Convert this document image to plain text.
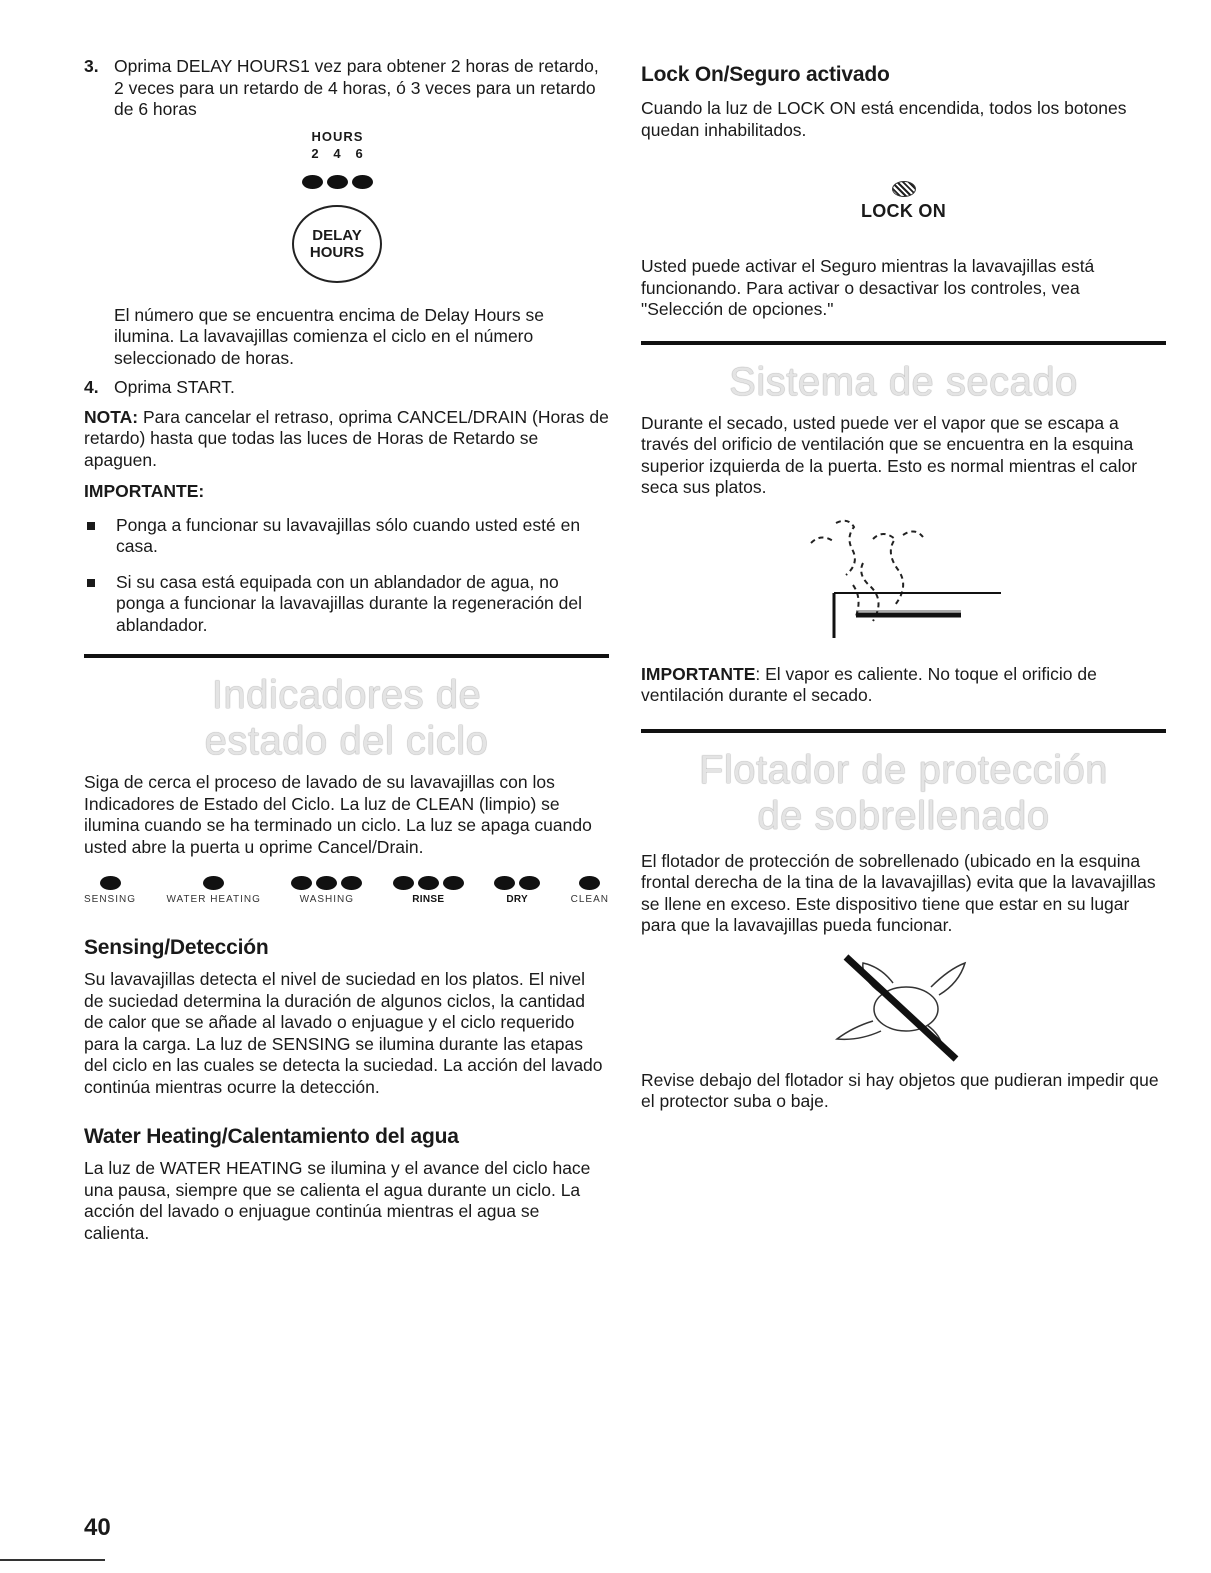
3. Oprima DELAY HOURS1 vez para obtener 2 horas de retardo, 2 veces para un retardo de 4 horas, ó 3 veces para un retardo de 6 horas

HOURS
2   4   6
DELAY
HOURS

El número que se encuentra encima de Delay Hours se ilumina. La lavavajillas comienza el ciclo en el número seleccionado de horas.

4. Oprima START.

NOTA: Para cancelar el retraso, oprima CANCEL/DRAIN (Horas de retardo) hasta que todas las luces de Horas de Retardo se apaguen.

IMPORTANTE:

Ponga a funcionar su lavavajillas sólo cuando usted esté en casa.
Si su casa está equipada con un ablandador de agua, no ponga a funcionar la lavavajillas durante la regeneración del ablandador.
Indicadores de
estado del ciclo

Siga de cerca el proceso de lavado de su lavavajillas con los Indicadores de Estado del Ciclo. La luz de CLEAN (limpio) se ilumina cuando se ha terminado un ciclo. La luz se apaga cuando usted abre la puerta u oprime Cancel/Drain.

SENSING	WATER HEATING	WASHING	RINSE	DRY	CLEAN
Sensing/Detección

Su lavavajillas detecta el nivel de suciedad en los platos. El nivel de suciedad determina la duración de algunos ciclos, la cantidad de calor que se añade al lavado o enjuague y el ciclo requerido para la carga. La luz de SENSING se ilumina durante las etapas del ciclo en las cuales se detecta la suciedad. La acción del lavado continúa mientras ocurre la detección.

Water Heating/Calentamiento del agua

La luz de WATER HEATING se ilumina y el avance del ciclo hace una pausa, siempre que se calienta el agua durante un ciclo. La acción del lavado o enjuague continúa mientras el agua se calienta.

Lock On/Seguro activado

Cuando la luz de LOCK ON está encendida, todos los botones quedan inhabilitados.

LOCK ON

Usted puede activar el Seguro mientras la lavavajillas está funcionando. Para activar o desactivar los controles, vea "Selección de opciones."

Sistema de secado

Durante el secado, usted puede ver el vapor que se escapa a través del orificio de ventilación que se encuentra en la esquina superior izquierda de la puerta. Esto es normal mientras el calor seca sus platos.

IMPORTANTE: El vapor es caliente. No toque el orificio de ventilación durante el secado.

Flotador de protección
de sobrellenado

El flotador de protección de sobrellenado (ubicado en la esquina frontal derecha de la tina de la lavavajillas) evita que la lavavajillas se llene en exceso. Este dispositivo tiene que estar en su lugar para que la lavavajillas pueda funcionar.

Revise debajo del flotador si hay objetos que pudieran impedir que el protector suba o baje.

40
